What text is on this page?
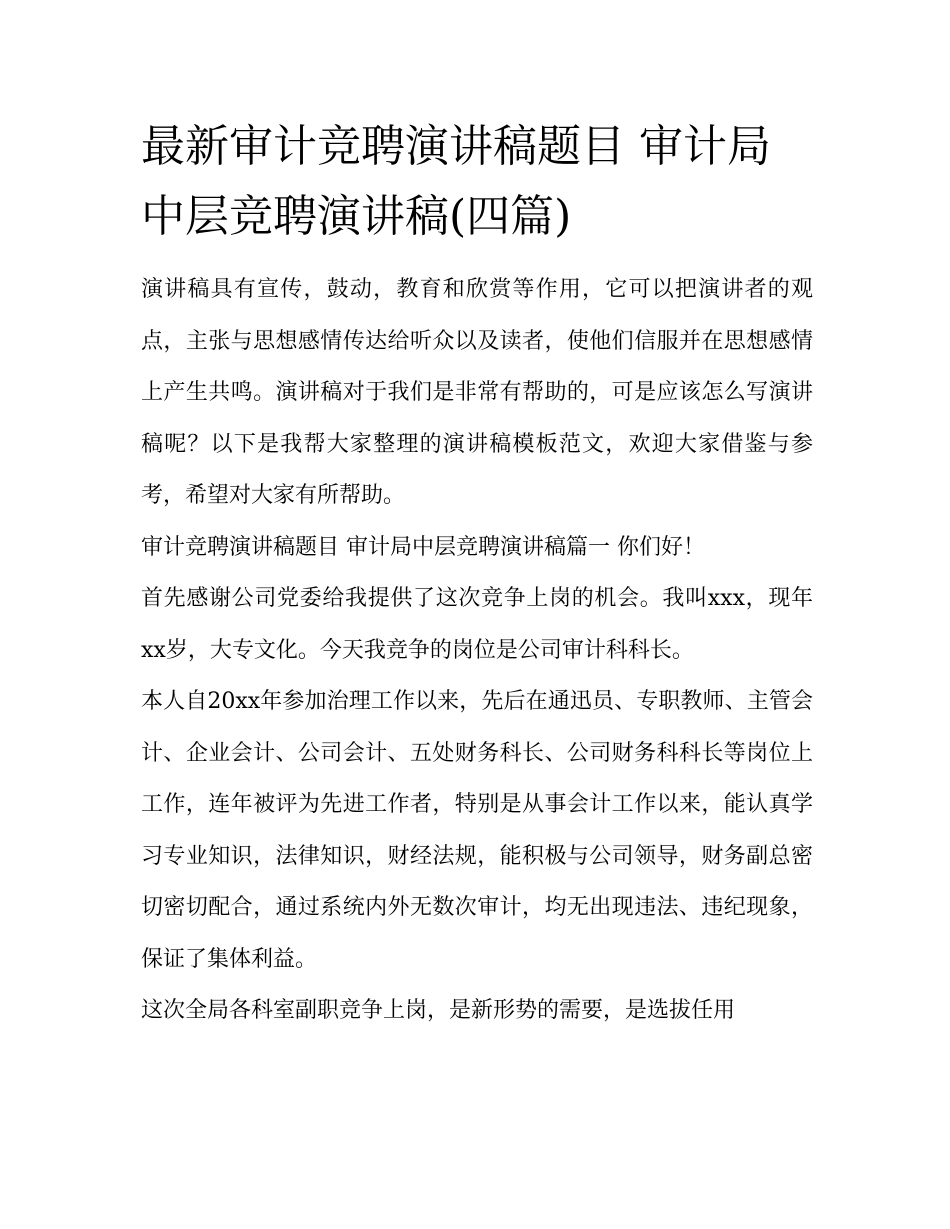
最新审计竞聘演讲稿题目 审计局中层竞聘演讲稿(四篇)

演讲稿具有宣传，鼓动，教育和欣赏等作用，它可以把演讲者的观点，主张与思想感情传达给听众以及读者，使他们信服并在思想感情上产生共鸣。演讲稿对于我们是非常有帮助的，可是应该怎么写演讲稿呢？以下是我帮大家整理的演讲稿模板范文，欢迎大家借鉴与参考，希望对大家有所帮助。

审计竞聘演讲稿题目 审计局中层竞聘演讲稿篇一 你们好！

首先感谢公司党委给我提供了这次竞争上岗的机会。我叫xxx，现年xx岁，大专文化。今天我竞争的岗位是公司审计科科长。

本人自20xx年参加治理工作以来，先后在通迅员、专职教师、主管会计、企业会计、公司会计、五处财务科长、公司财务科科长等岗位上工作，连年被评为先进工作者，特别是从事会计工作以来，能认真学习专业知识，法律知识，财经法规，能积极与公司领导，财务副总密切密切配合，通过系统内外无数次审计，均无出现违法、违纪现象，保证了集体利益。

这次全局各科室副职竞争上岗，是新形势的需要，是选拔任用
